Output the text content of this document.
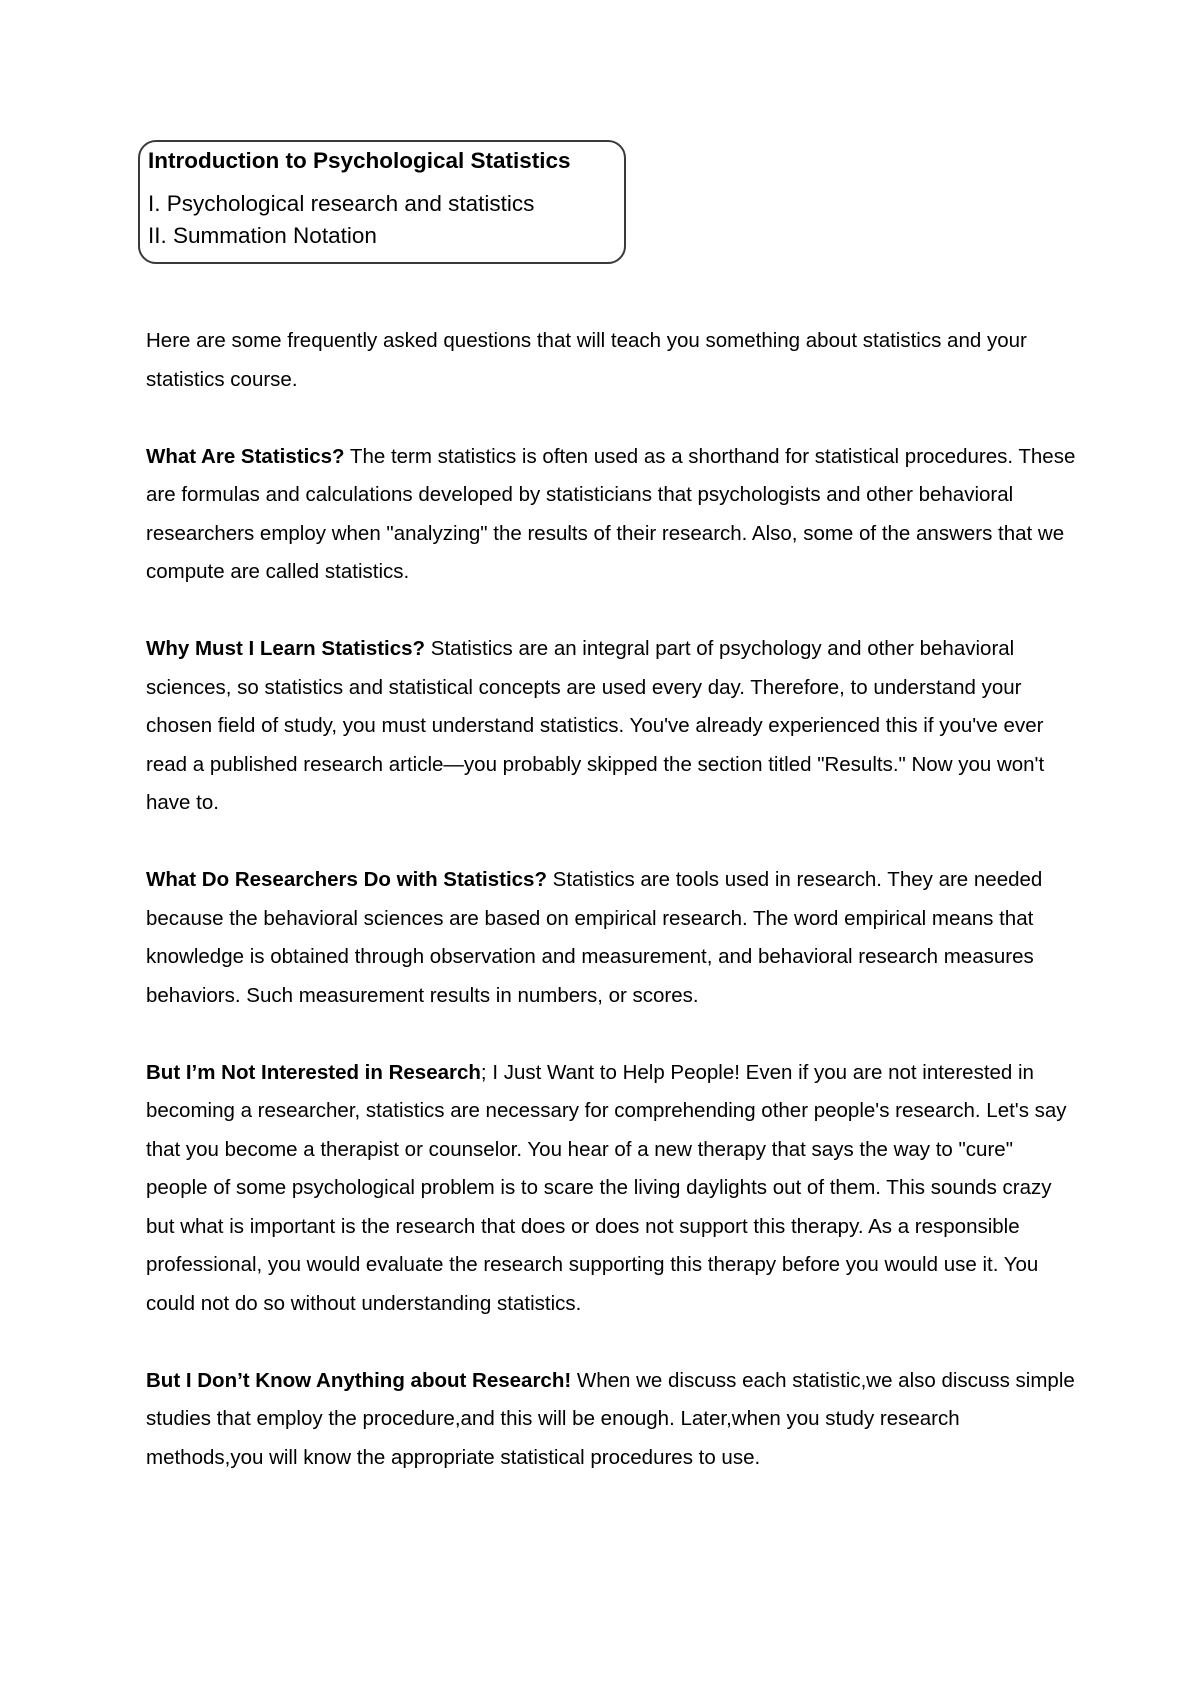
Introduction to Psychological Statistics
I. Psychological research and statistics
II. Summation Notation

Here are some frequently asked questions that will teach you something about statistics and your statistics course.

What Are Statistics? The term statistics is often used as a shorthand for statistical procedures. These are formulas and calculations developed by statisticians that psychologists and other behavioral researchers employ when "analyzing" the results of their research. Also, some of the answers that we compute are called statistics.

Why Must I Learn Statistics? Statistics are an integral part of psychology and other behavioral sciences, so statistics and statistical concepts are used every day. Therefore, to understand your chosen field of study, you must understand statistics. You've already experienced this if you've ever read a published research article—you probably skipped the section titled "Results." Now you won't have to.

What Do Researchers Do with Statistics? Statistics are tools used in research. They are needed because the behavioral sciences are based on empirical research. The word empirical means that knowledge is obtained through observation and measurement, and behavioral research measures behaviors. Such measurement results in numbers, or scores.

But I’m Not Interested in Research; I Just Want to Help People! Even if you are not interested in becoming a researcher, statistics are necessary for comprehending other people's research. Let's say that you become a therapist or counselor. You hear of a new therapy that says the way to "cure" people of some psychological problem is to scare the living daylights out of them. This sounds crazy but what is important is the research that does or does not support this therapy. As a responsible professional, you would evaluate the research supporting this therapy before you would use it. You could not do so without understanding statistics.

But I Don’t Know Anything about Research! When we discuss each statistic,we also discuss simple studies that employ the procedure,and this will be enough. Later,when you study research methods,you will know the appropriate statistical procedures to use.
